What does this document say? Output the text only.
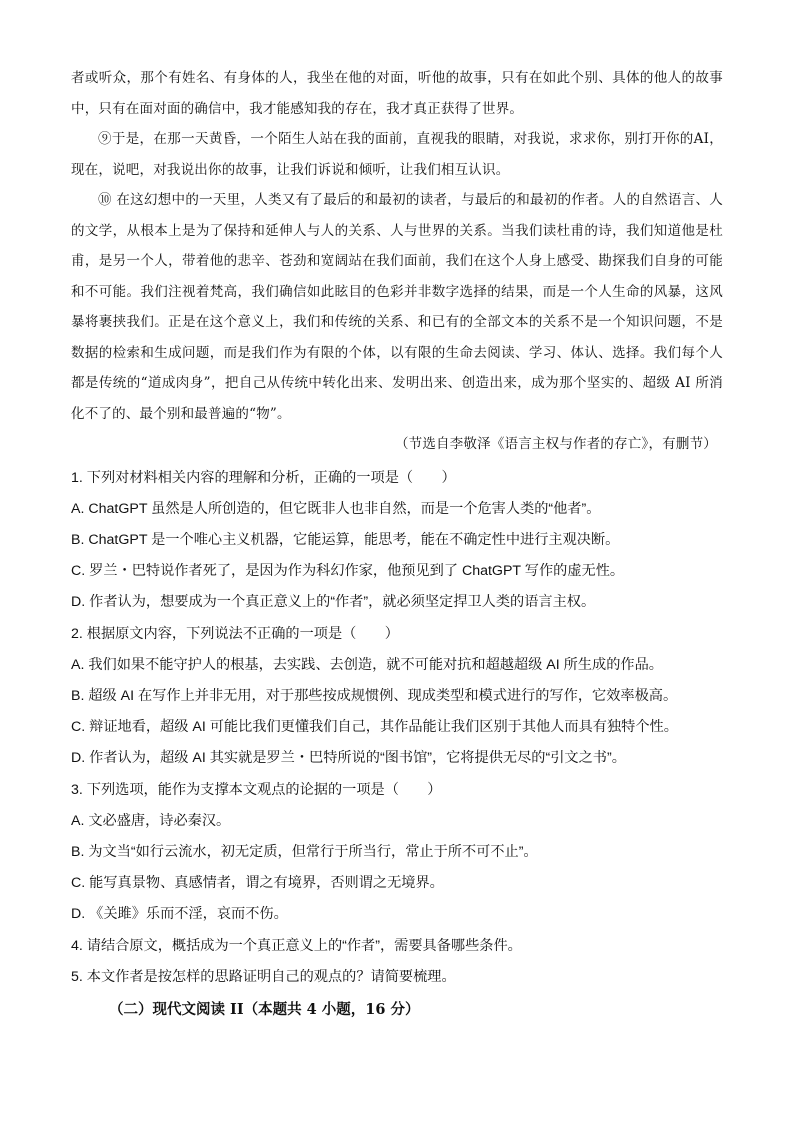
者或听众，那个有姓名、有身体的人，我坐在他的对面，听他的故事，只有在如此个别、具体的他人的故事中，只有在面对面的确信中，我才能感知我的存在，我才真正获得了世界。

⑨于是，在那一天黄昏，一个陌生人站在我的面前，直视我的眼睛，对我说，求求你，别打开你的AI，现在，说吧，对我说出你的故事，让我们诉说和倾听，让我们相互认识。

⑩ 在这幻想中的一天里，人类又有了最后的和最初的读者，与最后的和最初的作者。人的自然语言、人的文学，从根本上是为了保持和延伸人与人的关系、人与世界的关系。当我们读杜甫的诗，我们知道他是杜甫，是另一个人，带着他的悲辛、苍劲和宽阔站在我们面前，我们在这个人身上感受、勘探我们自身的可能和不可能。我们注视着梵高，我们确信如此眩目的色彩并非数字选择的结果，而是一个人生命的风暴，这风暴将裹挟我们。正是在这个意义上，我们和传统的关系、和已有的全部文本的关系不是一个知识问题，不是数据的检索和生成问题，而是我们作为有限的个体，以有限的生命去阅读、学习、体认、选择。我们每个人都是传统的“道成肉身”，把自己从传统中转化出来、发明出来、创造出来，成为那个坚实的、超级 AI 所消化不了的、最个别和最普遍的“物”。

（节选自李敬泽《语言主权与作者的存亡》，有删节）

1. 下列对材料相关内容的理解和分析，正确的一项是（　　）

A. ChatGPT 虽然是人所创造的，但它既非人也非自然，而是一个危害人类的“他者”。

B. ChatGPT 是一个唯心主义机器，它能运算，能思考，能在不确定性中进行主观决断。

C. 罗兰・巴特说作者死了，是因为作为科幻作家，他预见到了 ChatGPT 写作的虚无性。

D. 作者认为，想要成为一个真正意义上的“作者”，就必须坚定捍卫人类的语言主权。

2. 根据原文内容，下列说法不正确的一项是（　　）

A. 我们如果不能守护人的根基，去实践、去创造，就不可能对抗和超越超级 AI 所生成的作品。

B. 超级 AI 在写作上并非无用，对于那些按成规惯例、现成类型和模式进行的写作，它效率极高。

C. 辩证地看，超级 AI 可能比我们更懂我们自己，其作品能让我们区别于其他人而具有独特个性。

D. 作者认为，超级 AI 其实就是罗兰・巴特所说的“图书馆”，它将提供无尽的“引文之书”。

3. 下列选项，能作为支撑本文观点的论据的一项是（　　）

A. 文必盛唐，诗必秦汉。

B. 为文当“如行云流水，初无定质，但常行于所当行，常止于所不可不止”。

C. 能写真景物、真感情者，谓之有境界，否则谓之无境界。

D. 《关雎》乐而不淫，哀而不伤。

4. 请结合原文，概括成为一个真正意义上的“作者”，需要具备哪些条件。

5. 本文作者是按怎样的思路证明自己的观点的？请简要梳理。

（二）现代文阅读 II（本题共 4 小题，16 分）
